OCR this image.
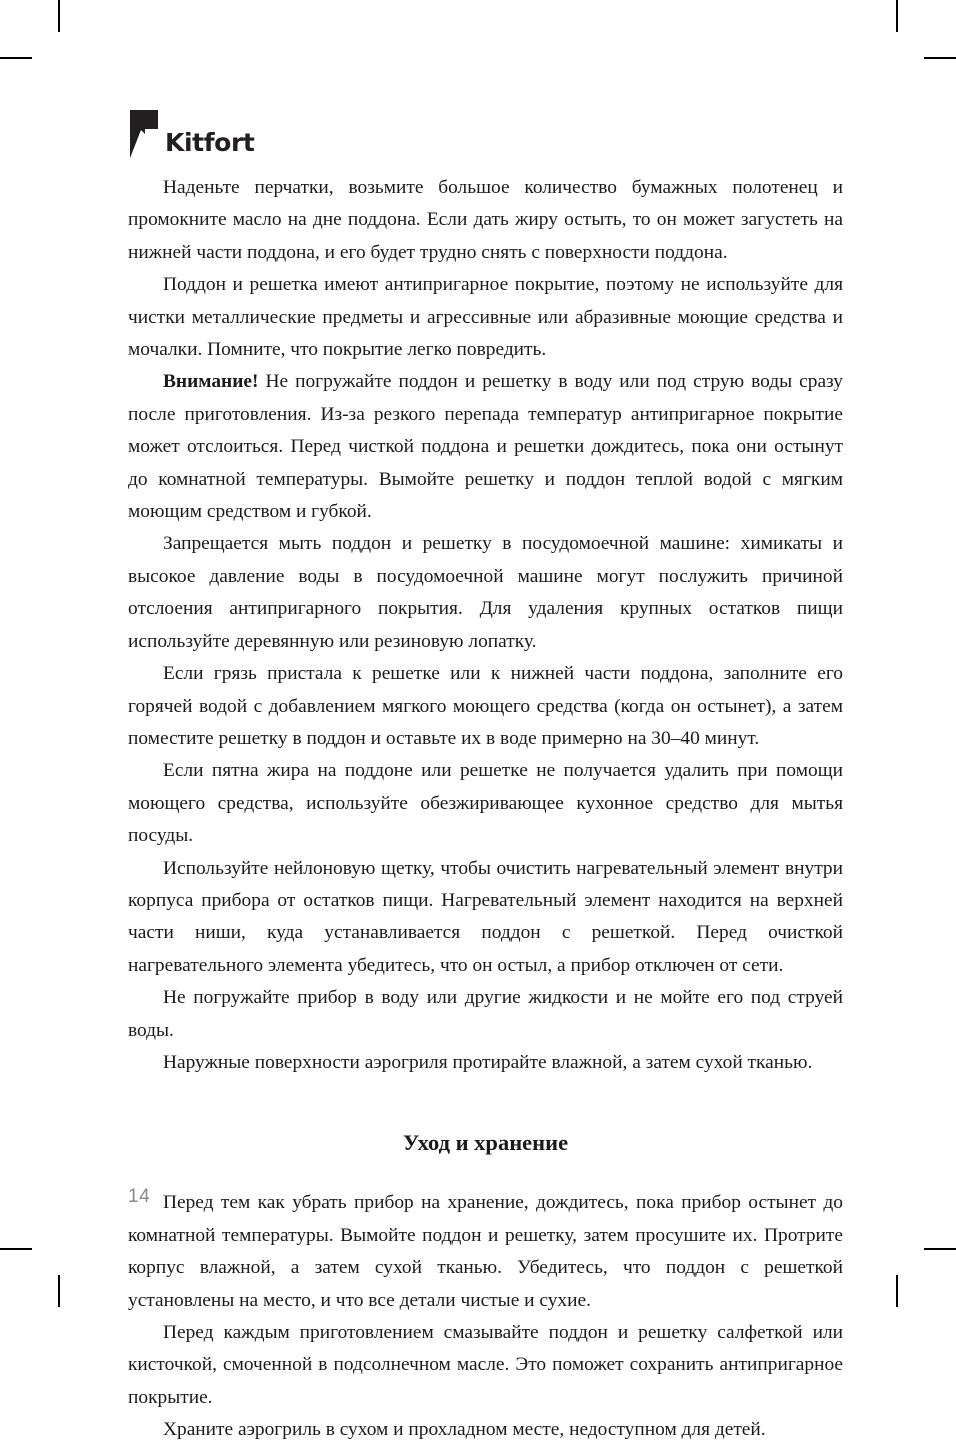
Kitfort

Наденьте перчатки, возьмите большое количество бумажных полотенец и промокните масло на дне поддона. Если дать жиру остыть, то он может загустеть на нижней части поддона, и его будет трудно снять с поверхности поддона.

Поддон и решетка имеют антипригарное покрытие, поэтому не используйте для чистки металлические предметы и агрессивные или абразивные моющие средства и мочалки. Помните, что покрытие легко повредить.

Внимание! Не погружайте поддон и решетку в воду или под струю воды сразу после приготовления. Из-за резкого перепада температур антипригарное покрытие может отслоиться. Перед чисткой поддона и решетки дождитесь, пока они остынут до комнатной температуры. Вымойте решетку и поддон теплой водой с мягким моющим средством и губкой.

Запрещается мыть поддон и решетку в посудомоечной машине: химикаты и высокое давление воды в посудомоечной машине могут послужить причиной отслоения антипригарного покрытия. Для удаления крупных остатков пищи используйте деревянную или резиновую лопатку.

Если грязь пристала к решетке или к нижней части поддона, заполните его горячей водой с добавлением мягкого моющего средства (когда он остынет), а затем поместите решетку в поддон и оставьте их в воде примерно на 30–40 минут.

Если пятна жира на поддоне или решетке не получается удалить при помощи моющего средства, используйте обезжиривающее кухонное средство для мытья посуды.

Используйте нейлоновую щетку, чтобы очистить нагревательный элемент внутри корпуса прибора от остатков пищи. Нагревательный элемент находится на верхней части ниши, куда устанавливается поддон с решеткой. Перед очисткой нагревательного элемента убедитесь, что он остыл, а прибор отключен от сети.

Не погружайте прибор в воду или другие жидкости и не мойте его под струей воды.

Наружные поверхности аэрогриля протирайте влажной, а затем сухой тканью.

Уход и хранение

Перед тем как убрать прибор на хранение, дождитесь, пока прибор остынет до комнатной температуры. Вымойте поддон и решетку, затем просушите их. Протрите корпус влажной, а затем сухой тканью. Убедитесь, что поддон с решеткой установлены на место, и что все детали чистые и сухие.

Перед каждым приготовлением смазывайте поддон и решетку салфеткой или кисточкой, смоченной в подсолнечном масле. Это поможет сохранить антипригарное покрытие.

Храните аэрогриль в сухом и прохладном месте, недоступном для детей.

14
